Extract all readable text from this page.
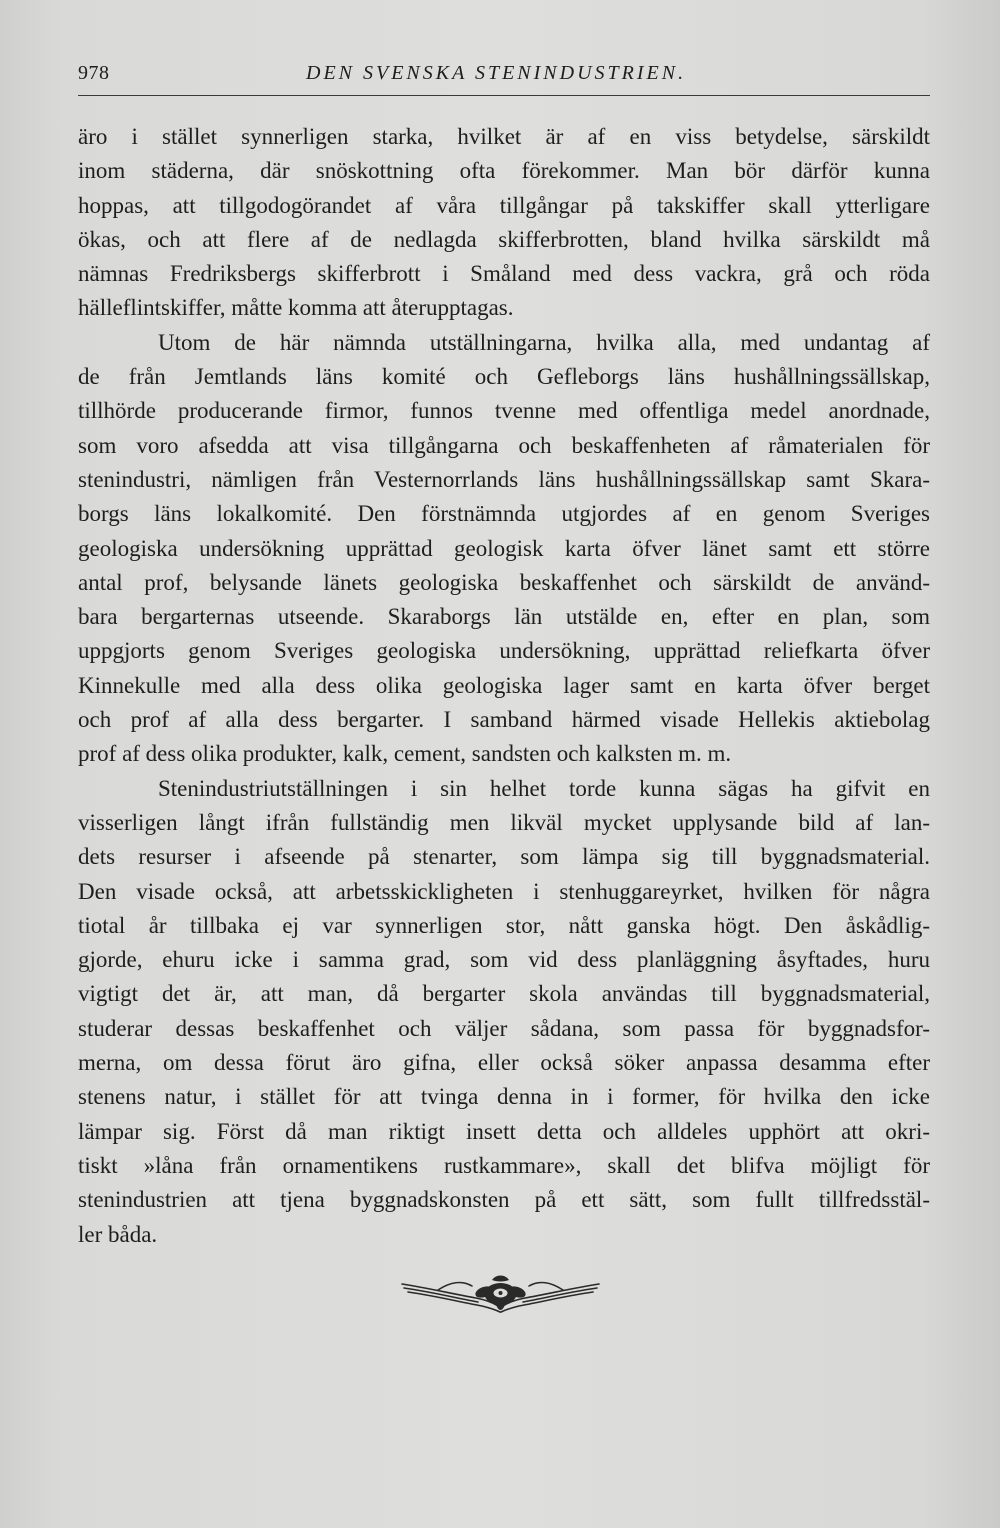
978	DEN SVENSKA STENINDUSTRIEN.
äro i stället synnerligen starka, hvilket är af en viss betydelse, särskildt
inom städerna, där snöskottning ofta förekommer. Man bör därför kunna
hoppas, att tillgodogörandet af våra tillgångar på takskiffer skall ytterligare
ökas, och att flere af de nedlagda skifferbrotten, bland hvilka särskildt må
nämnas Fredriksbergs skifferbrott i Småland med dess vackra, grå och röda
hälleflintskiffer, måtte komma att återupptagas.
Utom de här nämnda utställningarna, hvilka alla, med undantag af
de från Jemtlands läns komité och Gefleborgs läns hushållningssällskap,
tillhörde producerande firmor, funnos tvenne med offentliga medel anordnade,
som voro afsedda att visa tillgångarna och beskaffenheten af råmaterialen för
stenindustri, nämligen från Vesternorrlands läns hushållningssällskap samt Skara-
borgs läns lokalkomité. Den förstnämnda utgjordes af en genom Sveriges
geologiska undersökning upprättad geologisk karta öfver länet samt ett större
antal prof, belysande länets geologiska beskaffenhet och särskildt de använd-
bara bergarternas utseende. Skaraborgs län utstälde en, efter en plan, som
uppgjorts genom Sveriges geologiska undersökning, upprättad reliefkarta öfver
Kinnekulle med alla dess olika geologiska lager samt en karta öfver berget
och prof af alla dess bergarter. I samband härmed visade Hellekis aktiebolag
prof af dess olika produkter, kalk, cement, sandsten och kalksten m. m.
Stenindustriutställningen i sin helhet torde kunna sägas ha gifvit en
visserligen långt ifrån fullständig men likväl mycket upplysande bild af lan-
dets resurser i afseende på stenarter, som lämpa sig till byggnadsmaterial.
Den visade också, att arbetsskickligheten i stenhuggareyrket, hvilken för några
tiotal år tillbaka ej var synnerligen stor, nått ganska högt. Den åskådlig-
gjorde, ehuru icke i samma grad, som vid dess planläggning åsyftades, huru
vigtigt det är, att man, då bergarter skola användas till byggnadsmaterial,
studerar dessas beskaffenhet och väljer sådana, som passa för byggnadsfor-
merna, om dessa förut äro gifna, eller också söker anpassa desamma efter
stenens natur, i stället för att tvinga denna in i former, för hvilka den icke
lämpar sig. Först då man riktigt insett detta och alldeles upphört att okri-
tiskt »låna från ornamentikens rustkammare», skall det blifva möjligt för
stenindustrien att tjena byggnadskonsten på ett sätt, som fullt tillfredsstäl-
ler båda.
